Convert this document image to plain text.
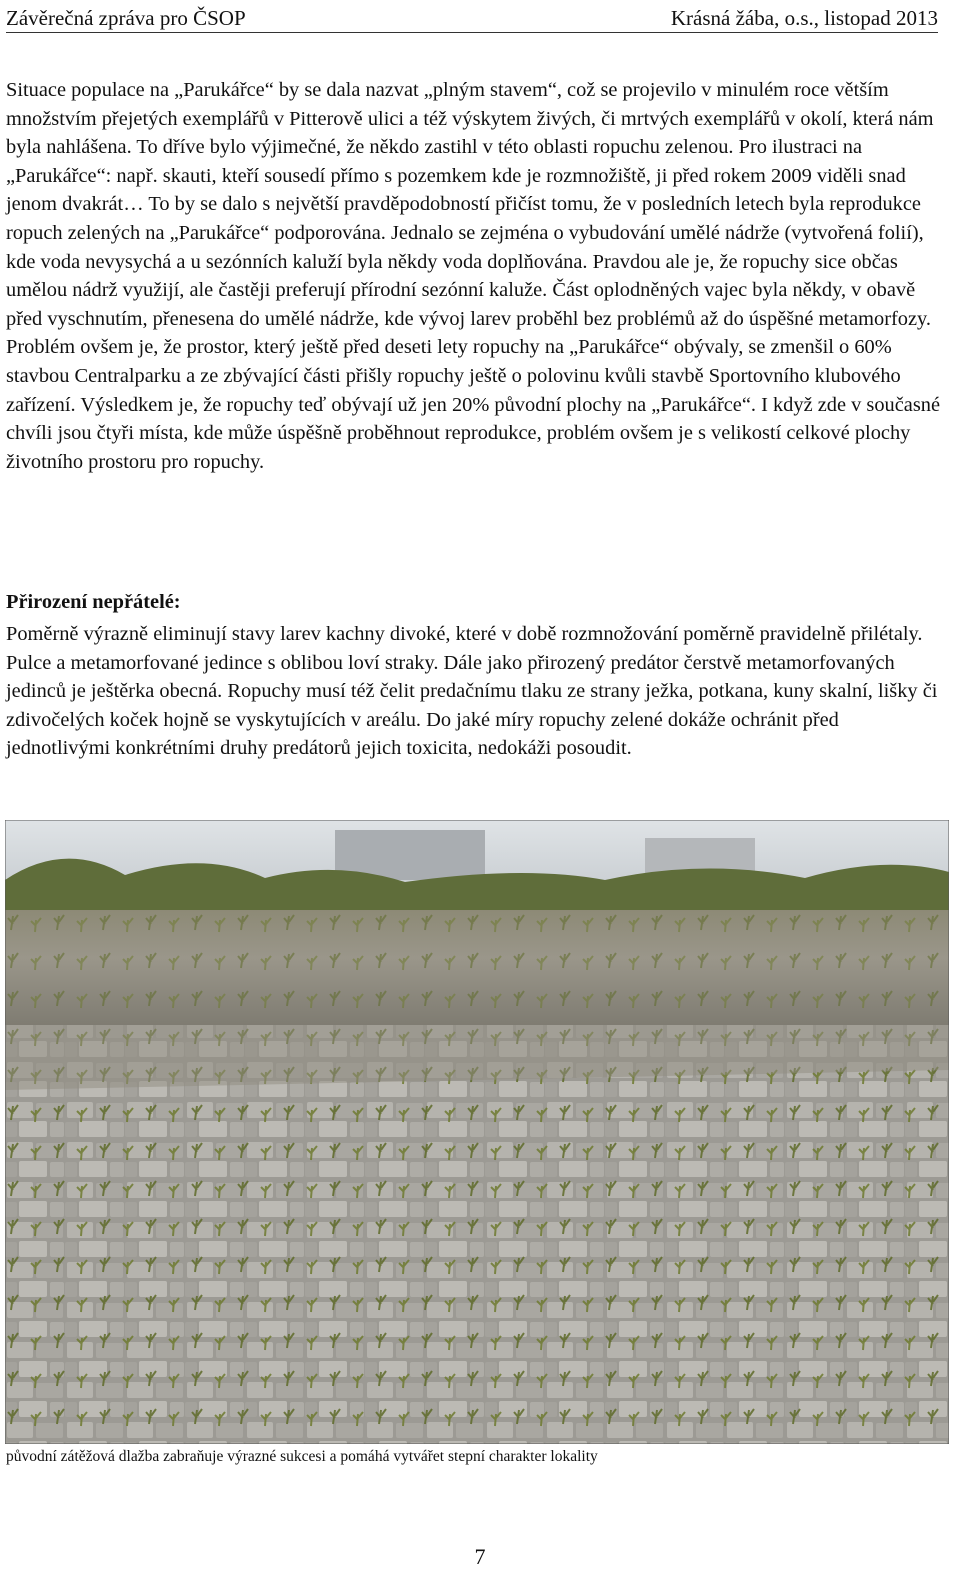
Závěrečná zpráva pro ČSOP	Krásná žába, o.s., listopad 2013

Situace populace na „Parukářce“ by se dala nazvat „plným stavem“, což se projevilo v minulém roce větším množstvím přejetých exemplářů v Pitterově ulici a též výskytem živých, či mrtvých exemplářů v okolí, která nám byla nahlášena. To dříve bylo výjimečné, že někdo zastihl v této oblasti ropuchu zelenou. Pro ilustraci na „Parukářce“: např. skauti, kteří sousedí přímo s pozemkem kde je rozmnožiště, ji před rokem 2009 viděli snad jenom dvakrát… To by se dalo s největší pravděpodobností přičíst tomu, že v posledních letech byla reprodukce ropuch zelených na „Parukářce“ podporována. Jednalo se zejména o vybudování umělé nádrže (vytvořená folií), kde voda nevysychá a u sezónních kaluží byla někdy voda doplňována. Pravdou ale je, že ropuchy sice občas umělou nádrž využijí, ale častěji preferují přírodní sezónní kaluže. Část oplodněných vajec byla někdy, v obavě před vyschnutím, přenesena do umělé nádrže, kde vývoj larev proběhl bez problémů až do úspěšné metamorfozy. Problém ovšem je, že prostor, který ještě před deseti lety ropuchy na „Parukářce“ obývaly, se zmenšil o 60% stavbou Centralparku a ze zbývající části přišly ropuchy ještě o polovinu kvůli stavbě Sportovního klubového zařízení. Výsledkem je, že ropuchy teď obývají už jen 20% původní plochy na „Parukářce“. I když zde v současné chvíli jsou čtyři místa, kde může úspěšně proběhnout reprodukce, problém ovšem je s velikostí celkové plochy životního prostoru pro ropuchy.

Přirození nepřátelé:

Poměrně výrazně eliminují stavy larev kachny divoké, které v době rozmnožování poměrně pravidelně přilétaly. Pulce a metamorfované jedince s oblibou loví straky. Dále jako přirozený predátor čerstvě metamorfovaných jedinců je ještěrka obecná. Ropuchy musí též čelit predačnímu tlaku ze strany ježka, potkana, kuny skalní, lišky či zdivočelých koček hojně se vyskytujících v areálu. Do jaké míry ropuchy zelené dokáže ochránit před jednotlivými konkrétními druhy predátorů jejich toxicita, nedokáži posoudit.

původní zátěžová dlažba zabraňuje výrazné sukcesi a pomáhá vytvářet stepní charakter lokality
7
